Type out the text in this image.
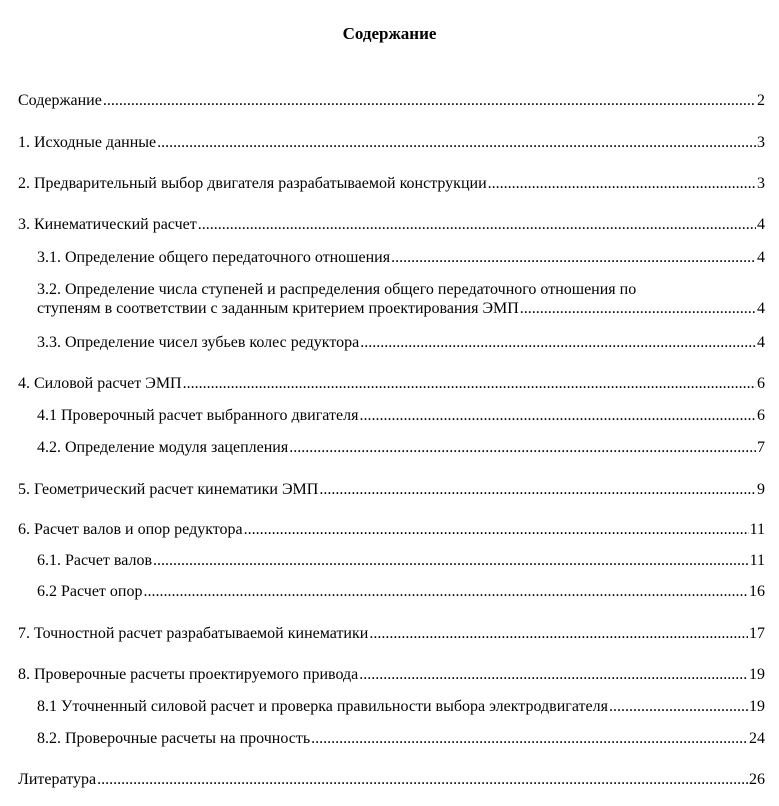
Содержание
Содержание .....	2
1. Исходные данные .....	3
2. Предварительный выбор двигателя разрабатываемой конструкции .....	3
3. Кинематический расчет .....	4
3.1. Определение общего передаточного отношения .....	4
3.2. Определение числа ступеней и распределения общего передаточного отношения по
ступеням в соответствии с заданным критерием проектирования ЭМП .....	4
3.3. Определение чисел зубьев колес редуктора .....	4
4. Силовой расчет ЭМП .....	6
4.1 Проверочный расчет выбранного двигателя .....	6
4.2. Определение модуля зацепления .....	7
5. Геометрический расчет кинематики ЭМП .....	9
6. Расчет валов и опор редуктора .....	11
6.1. Расчет валов .....	11
6.2 Расчет опор .....	16
7. Точностной расчет разрабатываемой кинематики .....	17
8. Проверочные расчеты проектируемого привода .....	19
8.1 Уточненный силовой расчет и проверка правильности выбора электродвигателя .....	19
8.2. Проверочные расчеты на прочность .....	24
Литература .....	26
